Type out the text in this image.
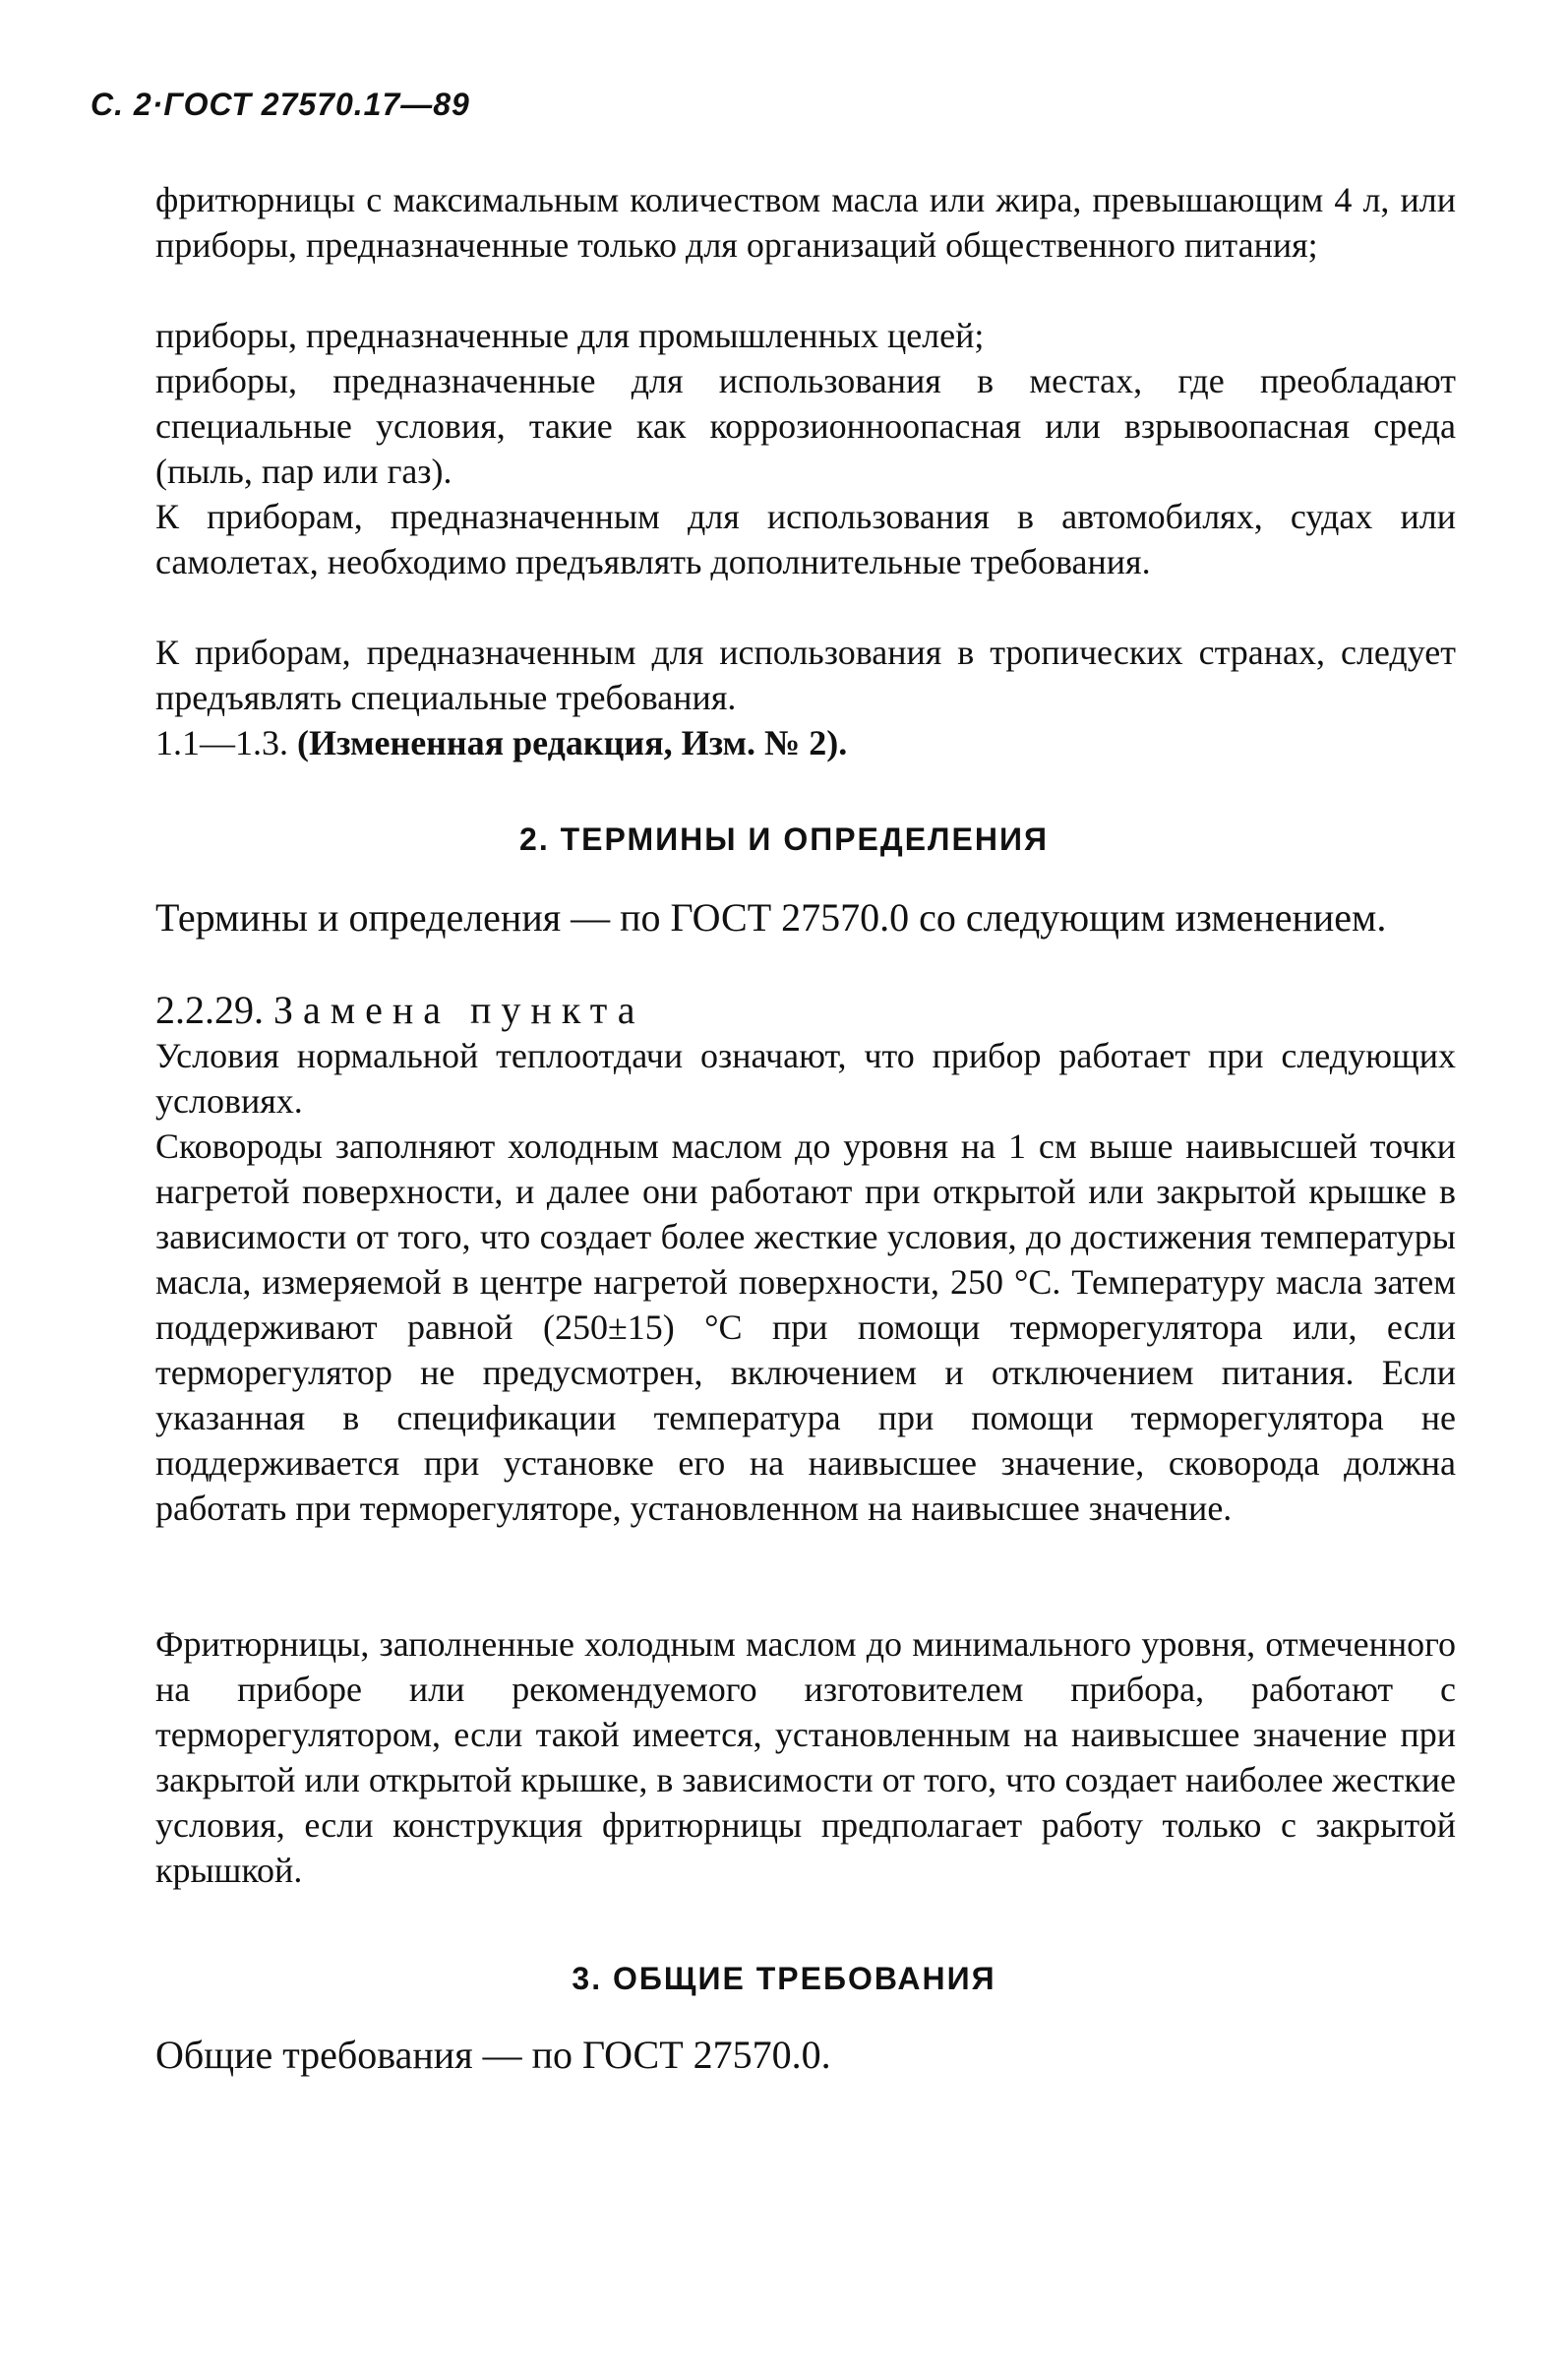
С. 2·ГОСТ 27570.17—89

фритюрницы с максимальным количеством масла или жира, превышающим 4 л, или приборы, предназначенные только для организаций общественного питания;

приборы, предназначенные для промышленных целей;

приборы, предназначенные для использования в местах, где преобладают специальные условия, такие как коррозионноопасная или взрывоопасная среда (пыль, пар или газ).

К приборам, предназначенным для использования в автомобилях, судах или самолетах, необходимо предъявлять дополнительные требования.

К приборам, предназначенным для использования в тропических странах, следует предъявлять специальные требования.

1.1—1.3. (Измененная редакция, Изм. № 2).

2. ТЕРМИНЫ И ОПРЕДЕЛЕНИЯ

Термины и определения — по ГОСТ 27570.0 со следующим изменением.

2.2.29. Замена пункта

Условия нормальной теплоотдачи означают, что прибор работает при следующих условиях.

Сковороды заполняют холодным маслом до уровня на 1 см выше наивысшей точки нагретой поверхности, и далее они работают при открытой или закрытой крышке в зависимости от того, что создает более жесткие условия, до достижения температуры масла, измеряемой в центре нагретой поверхности, 250 °С. Температуру масла затем поддерживают равной (250±15) °С при помощи терморегулятора или, если терморегулятор не предусмотрен, включением и отключением питания. Если указанная в спецификации температура при помощи терморегулятора не поддерживается при установке его на наивысшее значение, сковорода должна работать при терморегуляторе, установленном на наивысшее значение.

Фритюрницы, заполненные холодным маслом до минимального уровня, отмеченного на приборе или рекомендуемого изготовителем прибора, работают с терморегулятором, если такой имеется, установленным на наивысшее значение при закрытой или открытой крышке, в зависимости от того, что создает наиболее жесткие условия, если конструкция фритюрницы предполагает работу только с закрытой крышкой.

3. ОБЩИЕ ТРЕБОВАНИЯ

Общие требования — по ГОСТ 27570.0.
